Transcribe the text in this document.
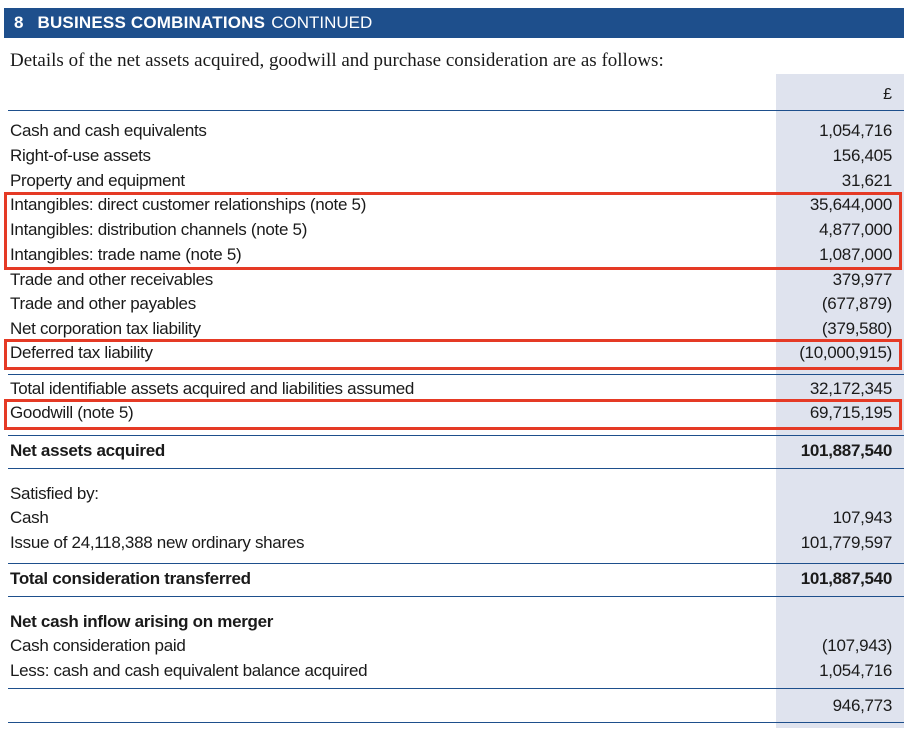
8 BUSINESS COMBINATIONS CONTINUED
Details of the net assets acquired, goodwill and purchase consideration are as follows:
£
Cash and cash equivalents	1,054,716
Right-of-use assets	156,405
Property and equipment	31,621
Intangibles: direct customer relationships (note 5)	35,644,000
Intangibles: distribution channels (note 5)	4,877,000
Intangibles: trade name (note 5)	1,087,000
Trade and other receivables	379,977
Trade and other payables	(677,879)
Net corporation tax liability	(379,580)
Deferred tax liability	(10,000,915)
Total identifiable assets acquired and liabilities assumed	32,172,345
Goodwill (note 5)	69,715,195
Net assets acquired	101,887,540
Satisfied by:
Cash	107,943
Issue of 24,118,388 new ordinary shares	101,779,597
Total consideration transferred	101,887,540
Net cash inflow arising on merger
Cash consideration paid	(107,943)
Less: cash and cash equivalent balance acquired	1,054,716
946,773
